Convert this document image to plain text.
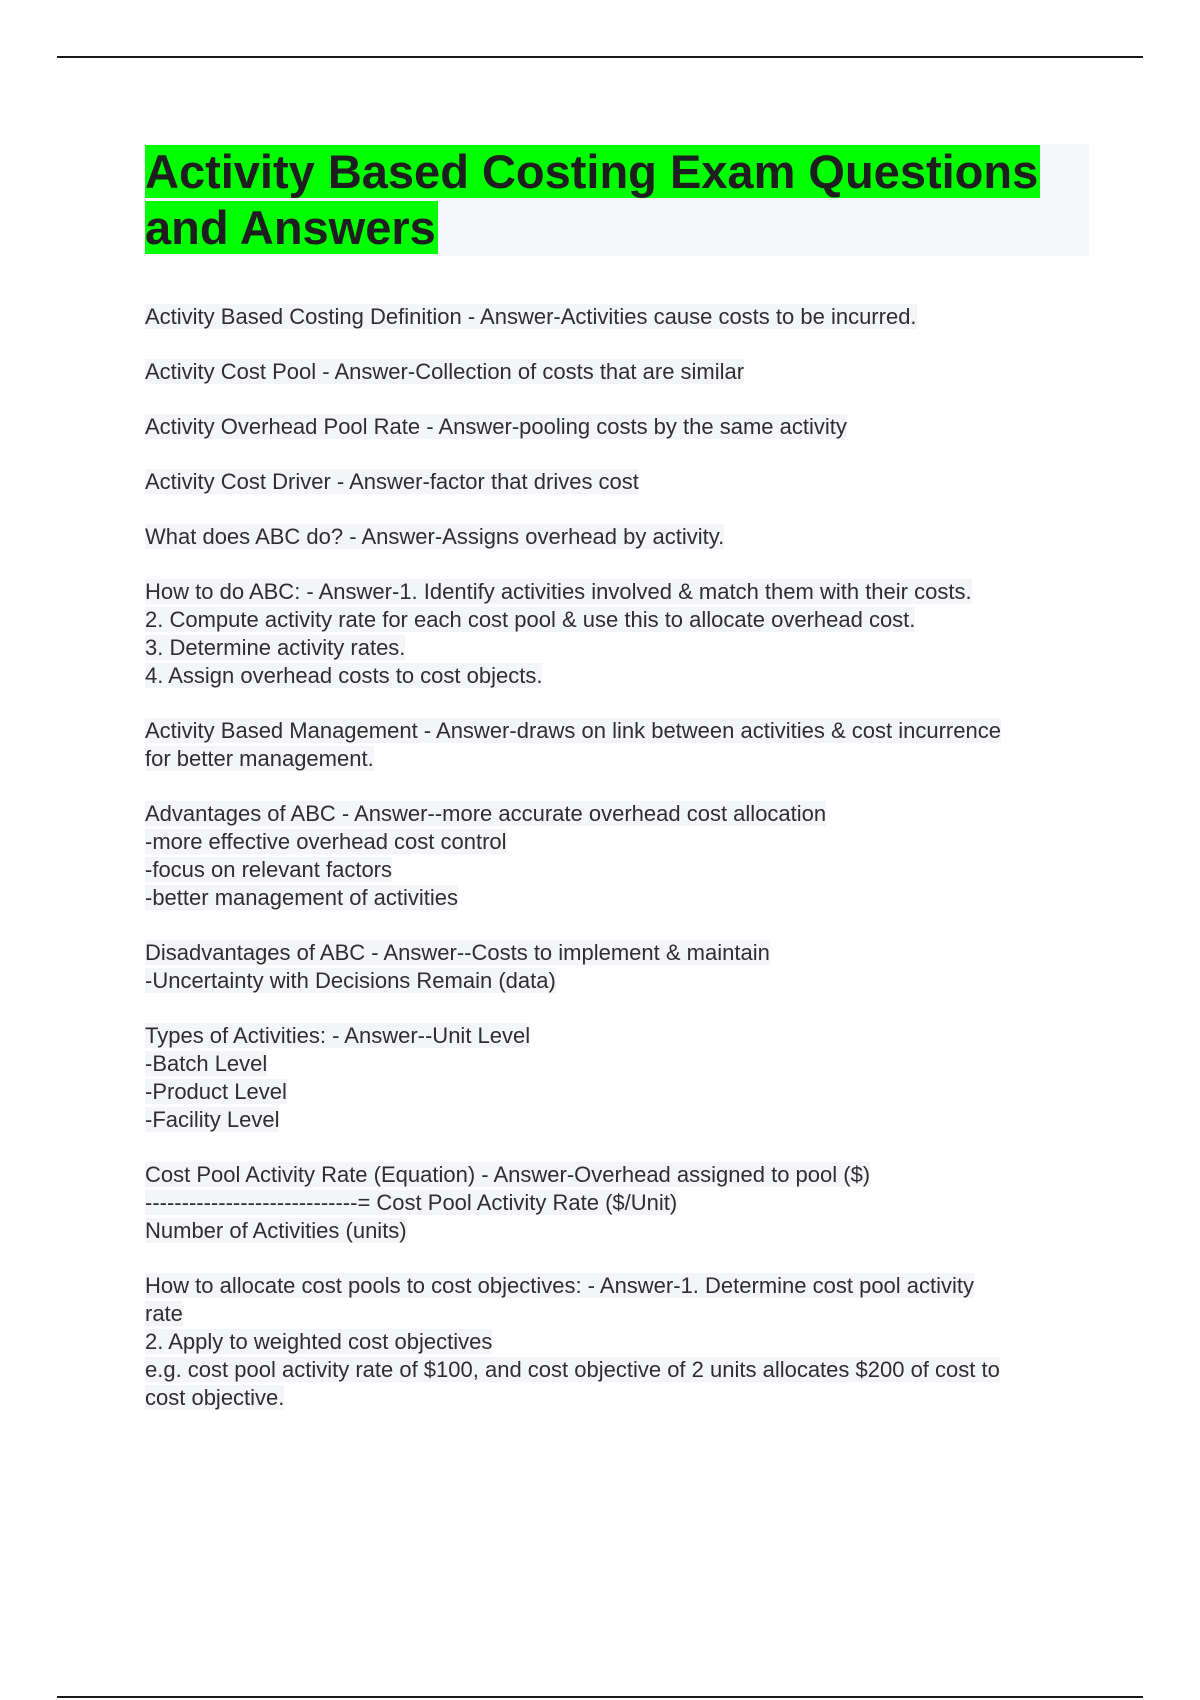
Activity Based Costing Exam Questions
and Answers
Activity Based Costing Definition - Answer-Activities cause costs to be incurred.
Activity Cost Pool - Answer-Collection of costs that are similar
Activity Overhead Pool Rate - Answer-pooling costs by the same activity
Activity Cost Driver - Answer-factor that drives cost
What does ABC do? - Answer-Assigns overhead by activity.
How to do ABC: - Answer-1. Identify activities involved & match them with their costs.
2. Compute activity rate for each cost pool & use this to allocate overhead cost.
3. Determine activity rates.
4. Assign overhead costs to cost objects.
Activity Based Management - Answer-draws on link between activities & cost incurrence
for better management.
Advantages of ABC - Answer--more accurate overhead cost allocation
-more effective overhead cost control
-focus on relevant factors
-better management of activities
Disadvantages of ABC - Answer--Costs to implement & maintain
-Uncertainty with Decisions Remain (data)
Types of Activities: - Answer--Unit Level
-Batch Level
-Product Level
-Facility Level
Cost Pool Activity Rate (Equation) - Answer-Overhead assigned to pool ($)
-----------------------------= Cost Pool Activity Rate ($/Unit)
Number of Activities (units)
How to allocate cost pools to cost objectives: - Answer-1. Determine cost pool activity
rate
2. Apply to weighted cost objectives
e.g. cost pool activity rate of $100, and cost objective of 2 units allocates $200 of cost to
cost objective.
